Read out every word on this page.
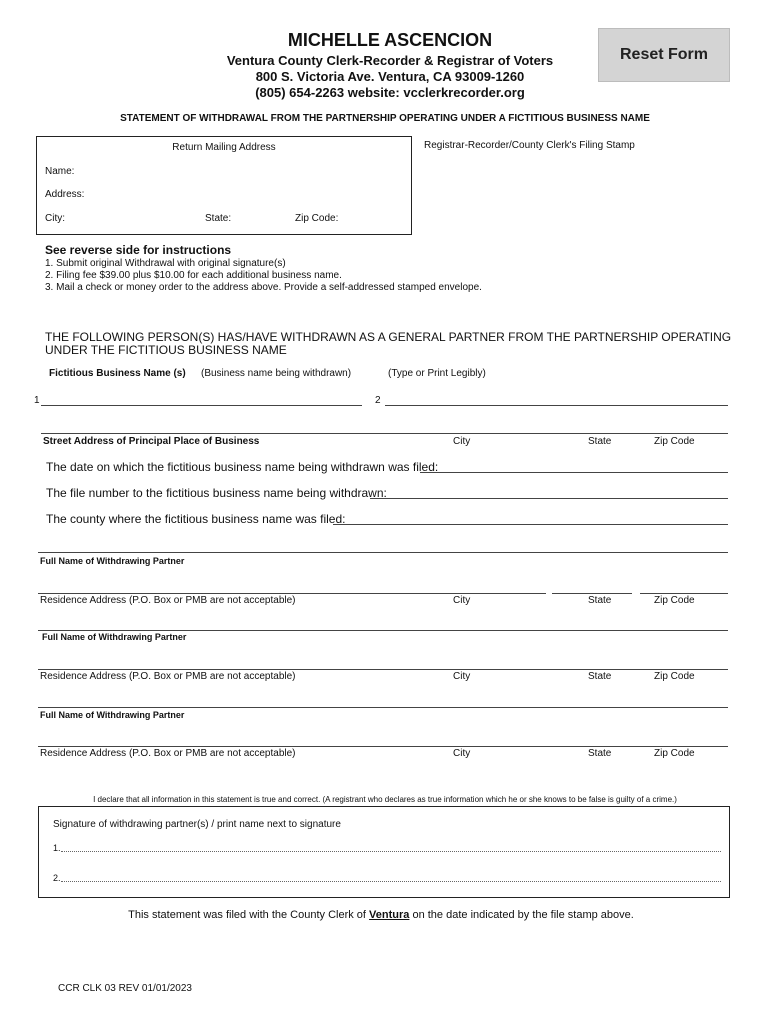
MICHELLE ASCENCION
Ventura County Clerk-Recorder & Registrar of Voters
800 S. Victoria Ave. Ventura, CA 93009-1260
(805) 654-2263 website: vcclerkrecorder.org
Reset Form
STATEMENT OF WITHDRAWAL FROM THE PARTNERSHIP OPERATING UNDER A FICTITIOUS BUSINESS NAME
Return Mailing Address
Name:
Address:
City:	State:	Zip Code:
Registrar-Recorder/County Clerk's Filing Stamp
See reverse side for instructions
1. Submit original Withdrawal with original signature(s)
2. Filing fee $39.00 plus $10.00 for each additional business name.
3. Mail a check or money order to the address above. Provide a self-addressed stamped envelope.
THE FOLLOWING PERSON(S) HAS/HAVE WITHDRAWN AS A GENERAL PARTNER FROM THE PARTNERSHIP OPERATING
UNDER THE FICTITIOUS BUSINESS NAME
Fictitious Business Name (s) (Business name being withdrawn)	(Type or Print Legibly)
1	2
Street Address of Principal Place of Business	City	State	Zip Code
The date on which the fictitious business name being withdrawn was filed:
The file number to the fictitious business name being withdrawn:
The county where the fictitious business name was filed:
Full Name of Withdrawing Partner
Residence Address (P.O. Box or PMB are not acceptable)	City	State	Zip Code
Full Name of Withdrawing Partner
Residence Address (P.O. Box or PMB are not acceptable)	City	State	Zip Code
Full Name of Withdrawing Partner
Residence Address (P.O. Box or PMB are not acceptable)	City	State	Zip Code
I declare that all information in this statement is true and correct. (A registrant who declares as true information which he or she knows to be false is guilty of a crime.)
Signature of withdrawing partner(s) / print name next to signature
1.
2.
This statement was filed with the County Clerk of Ventura on the date indicated by the file stamp above.
CCR CLK 03 REV 01/01/2023
